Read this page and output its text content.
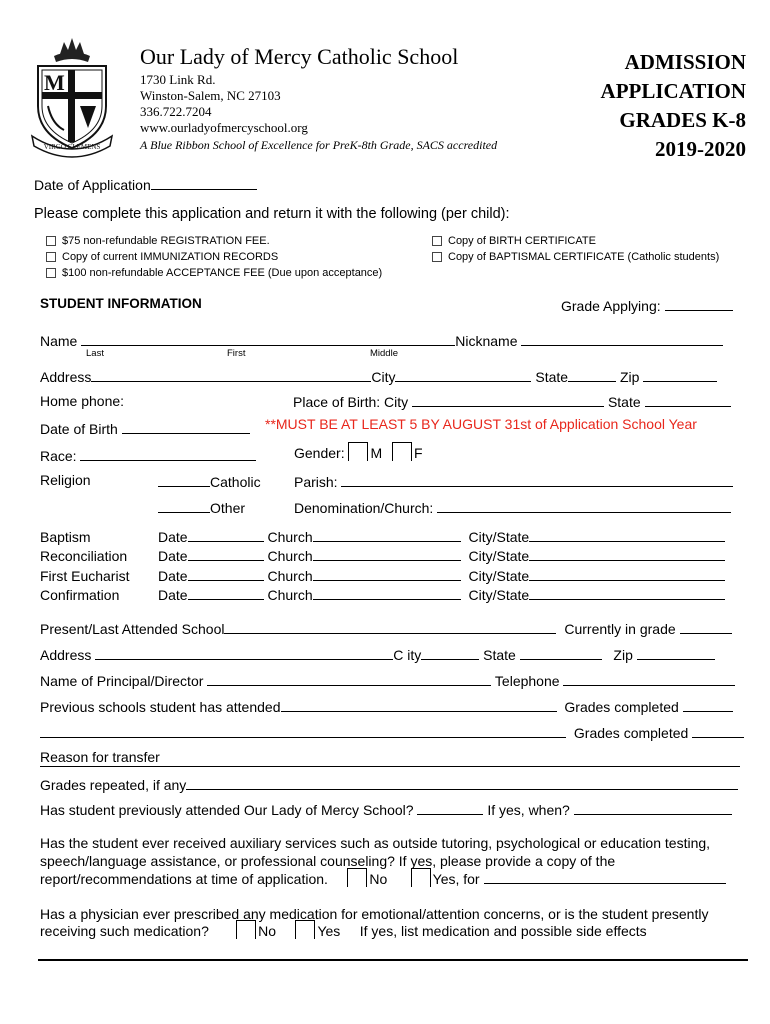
M
VIRGO CLEMENS
Our Lady of Mercy Catholic School
1730 Link Rd.
Winston-Salem, NC 27103
336.722.7204
www.ourladyofmercyschool.org
A Blue Ribbon School of Excellence for PreK-8th Grade, SACS accredited
ADMISSION
APPLICATION
GRADES K-8
2019-2020
Date of Application
Please complete this application and return it with the following (per child):
$75 non-refundable REGISTRATION FEE.
Copy of current IMMUNIZATION RECORDS
$100 non-refundable ACCEPTANCE FEE (Due upon acceptance)
Copy of BIRTH CERTIFICATE
Copy of BAPTISMAL CERTIFICATE (Catholic students)
STUDENT INFORMATION	Grade Applying:
Name	Nickname
Last	First	Middle
Address	City	State	Zip
Home phone:	Place of Birth: City	State
Date of Birth	**MUST BE AT LEAST 5 BY AUGUST 31st of Application School Year
Race:	Gender: M F
Religion	Catholic Parish:
Other	Denomination/Church:
Baptism	Date	Church	City/State
Reconciliation Date	Church	City/State
First Eucharist Date	Church	City/State
Confirmation	Date	Church	City/State
Present/Last Attended School	Currently in grade
Address	C ity	State	Zip
Name of Principal/Director	Telephone
Previous schools student has attended	Grades completed
Grades completed
Reason for transfer
Grades repeated, if any
Has student previously attended Our Lady of Mercy School?	If yes, when?
Has the student ever received auxiliary services such as outside tutoring, psychological or education testing,
speech/language assistance, or professional counseling? If yes, please provide a copy of the
report/recommendations at time of application.	No	Yes, for
Has a physician ever prescribed any medication for emotional/attention concerns, or is the student presently
receiving such medication?	No	Yes If yes, list medication and possible side effects
